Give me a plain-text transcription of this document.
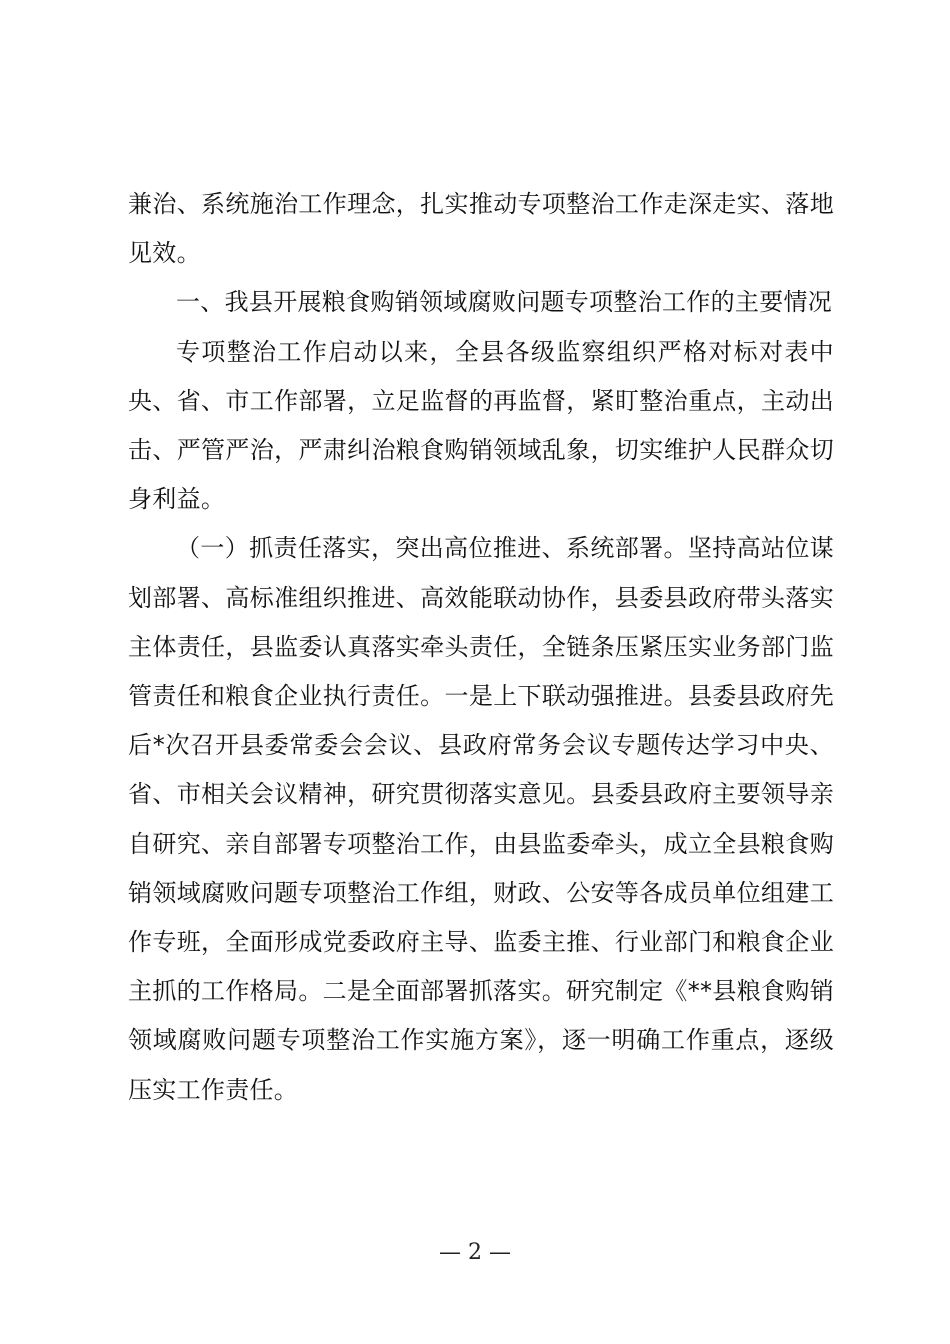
兼治、系统施治工作理念，扎实推动专项整治工作走深走实、落地见效。

一、我县开展粮食购销领域腐败问题专项整治工作的主要情况

专项整治工作启动以来，全县各级监察组织严格对标对表中央、省、市工作部署，立足监督的再监督，紧盯整治重点，主动出击、严管严治，严肃纠治粮食购销领域乱象，切实维护人民群众切身利益。

（一）抓责任落实，突出高位推进、系统部署。坚持高站位谋划部署、高标准组织推进、高效能联动协作，县委县政府带头落实主体责任，县监委认真落实牵头责任，全链条压紧压实业务部门监管责任和粮食企业执行责任。一是上下联动强推进。县委县政府先后*次召开县委常委会会议、县政府常务会议专题传达学习中央、省、市相关会议精神，研究贯彻落实意见。县委县政府主要领导亲自研究、亲自部署专项整治工作，由县监委牵头，成立全县粮食购销领域腐败问题专项整治工作组，财政、公安等各成员单位组建工作专班，全面形成党委政府主导、监委主推、行业部门和粮食企业主抓的工作格局。二是全面部署抓落实。研究制定《**县粮食购销领域腐败问题专项整治工作实施方案》，逐一明确工作重点，逐级压实工作责任。

— 2 —
